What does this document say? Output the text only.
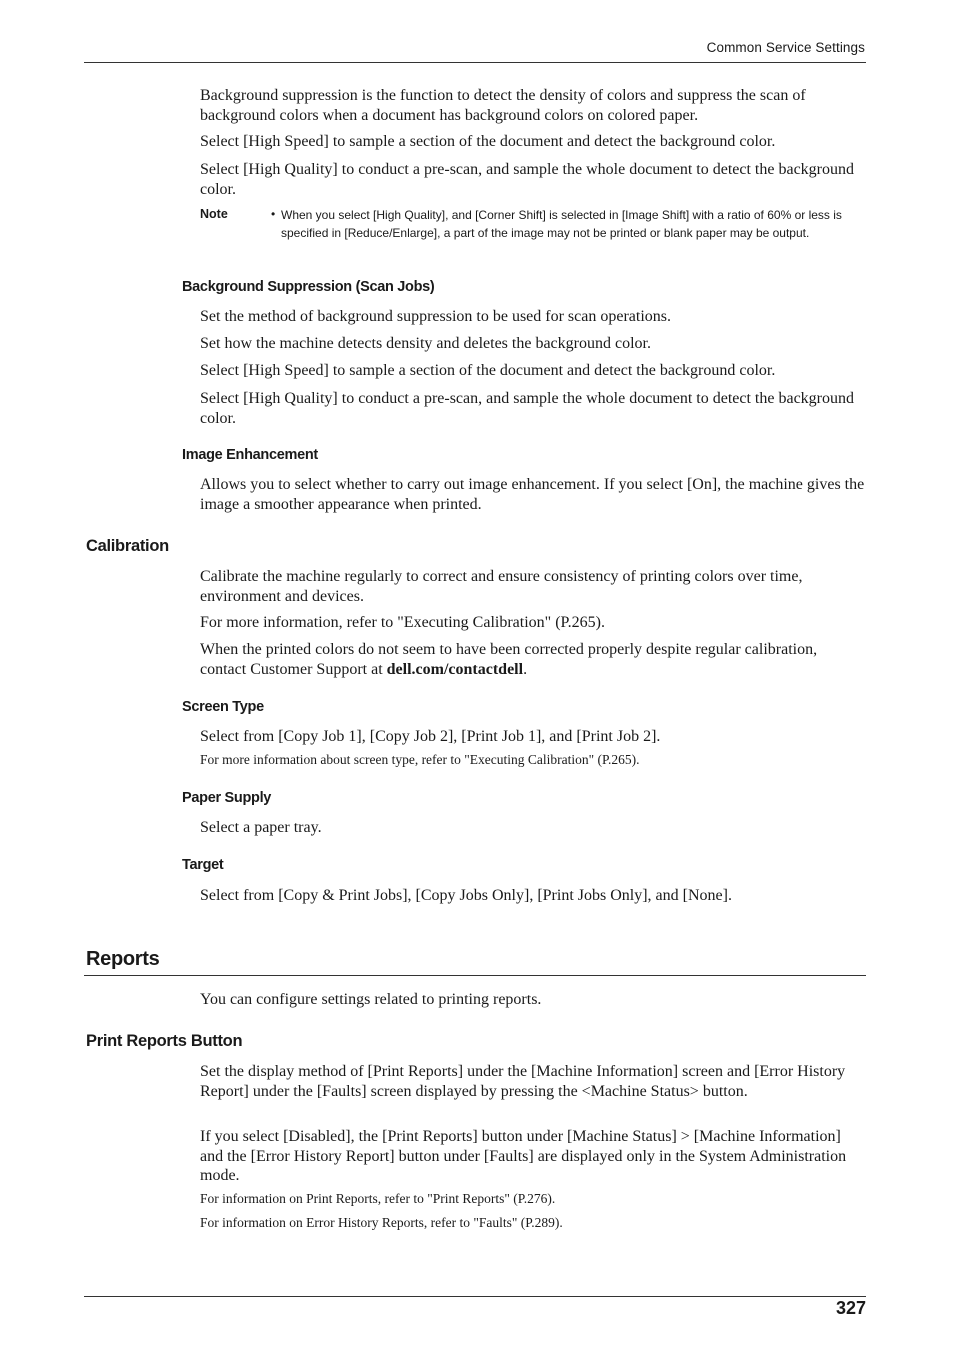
Common Service Settings

Background suppression is the function to detect the density of colors and suppress the scan of background colors when a document has background colors on colored paper.

Select [High Speed] to sample a section of the document and detect the background color.

Select [High Quality] to conduct a pre-scan, and sample the whole document to detect the background color.

Note	• When you select [High Quality], and [Corner Shift] is selected in [Image Shift] with a ratio of 60% or less is specified in [Reduce/Enlarge], a part of the image may not be printed or blank paper may be output.
Background Suppression (Scan Jobs)

Set the method of background suppression to be used for scan operations.

Set how the machine detects density and deletes the background color.

Select [High Speed] to sample a section of the document and detect the background color.

Select [High Quality] to conduct a pre-scan, and sample the whole document to detect the background color.

Image Enhancement

Allows you to select whether to carry out image enhancement. If you select [On], the machine gives the image a smoother appearance when printed.

Calibration

Calibrate the machine regularly to correct and ensure consistency of printing colors over time, environment and devices.

For more information, refer to "Executing Calibration" (P.265).

When the printed colors do not seem to have been corrected properly despite regular calibration, contact Customer Support at dell.com/contactdell.

Screen Type

Select from [Copy Job 1], [Copy Job 2], [Print Job 1], and [Print Job 2].

For more information about screen type, refer to "Executing Calibration" (P.265).

Paper Supply

Select a paper tray.

Target

Select from [Copy & Print Jobs], [Copy Jobs Only], [Print Jobs Only], and [None].

Reports

You can configure settings related to printing reports.

Print Reports Button

Set the display method of [Print Reports] under the [Machine Information] screen and [Error History Report] under the [Faults] screen displayed by pressing the <Machine Status> button.

If you select [Disabled], the [Print Reports] button under [Machine Status] > [Machine Information] and the [Error History Report] button under [Faults] are displayed only in the System Administration mode.

For information on Print Reports, refer to "Print Reports" (P.276).

For information on Error History Reports, refer to "Faults" (P.289).

327
